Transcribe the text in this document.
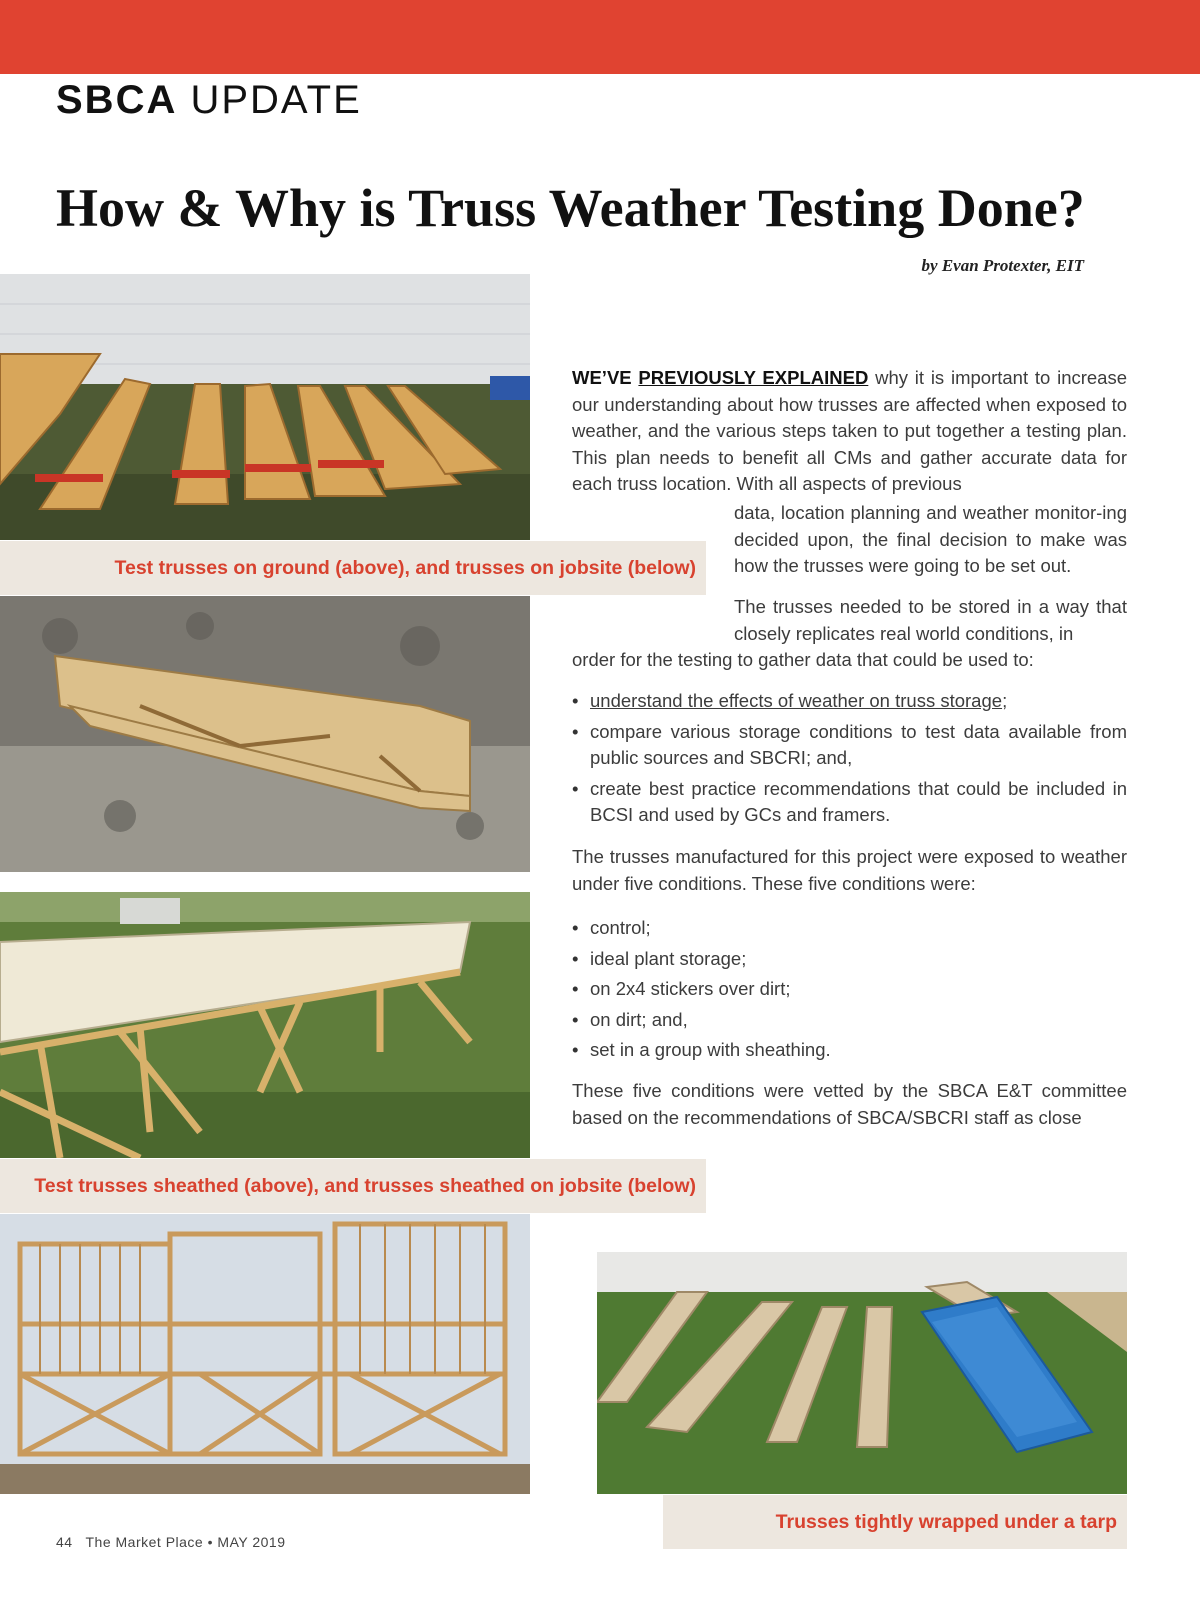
SBCA UPDATE
How & Why is Truss Weather Testing Done?
by Evan Protexter, EIT
Test trusses on ground (above), and trusses on jobsite (below)
Test trusses sheathed (above), and trusses sheathed on jobsite (below)
Trusses tightly wrapped under a tarp

WE’VE PREVIOUSLY EXPLAINED why it is important to increase our understanding about how trusses are affected when exposed to weather, and the various steps taken to put together a testing plan. This plan needs to benefit all CMs and gather accurate data for each truss location. With all aspects of previous

data, location planning and weather monitor-ing decided upon, the final decision to make was how the trusses were going to be set out.

The trusses needed to be stored in a way that closely replicates real world conditions, in

order for the testing to gather data that could be used to:

• understand the effects of weather on truss storage;
• compare various storage conditions to test data available from public sources and SBCRI; and,
• create best practice recommendations that could be included in BCSI and used by GCs and framers.

The trusses manufactured for this project were exposed to weather under five conditions. These five conditions were:

• control;
• ideal plant storage;
• on 2x4 stickers over dirt;
• on dirt; and,
• set in a group with sheathing.

These five conditions were vetted by the SBCA E&T committee based on the recommendations of SBCA/SBCRI staff as close

44 The Market Place • MAY 2019
